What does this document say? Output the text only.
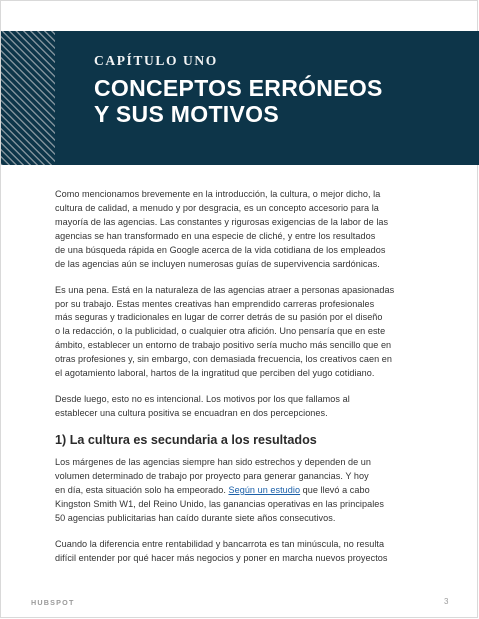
CAPÍTULO UNO
CONCEPTOS ERRÓNEOS
Y SUS MOTIVOS
Como mencionamos brevemente en la introducción, la cultura, o mejor dicho, la
cultura de calidad, a menudo y por desgracia, es un concepto accesorio para la
mayoría de las agencias. Las constantes y rigurosas exigencias de la labor de las
agencias se han transformado en una especie de cliché, y entre los resultados
de una búsqueda rápida en Google acerca de la vida cotidiana de los empleados
de las agencias aún se incluyen numerosas guías de supervivencia sardónicas.
Es una pena. Está en la naturaleza de las agencias atraer a personas apasionadas
por su trabajo. Estas mentes creativas han emprendido carreras profesionales
más seguras y tradicionales en lugar de correr detrás de su pasión por el diseño
o la redacción, o la publicidad, o cualquier otra afición. Uno pensaría que en este
ámbito, establecer un entorno de trabajo positivo sería mucho más sencillo que en
otras profesiones y, sin embargo, con demasiada frecuencia, los creativos caen en
el agotamiento laboral, hartos de la ingratitud que perciben del yugo cotidiano.
Desde luego, esto no es intencional. Los motivos por los que fallamos al
establecer una cultura positiva se encuadran en dos percepciones.
1) La cultura es secundaria a los resultados
Los márgenes de las agencias siempre han sido estrechos y dependen de un
volumen determinado de trabajo por proyecto para generar ganancias. Y hoy
en día, esta situación solo ha empeorado. Según un estudio que llevó a cabo
Kingston Smith W1, del Reino Unido, las ganancias operativas en las principales
50 agencias publicitarias han caído durante siete años consecutivos.
Cuando la diferencia entre rentabilidad y bancarrota es tan minúscula, no resulta
difícil entender por qué hacer más negocios y poner en marcha nuevos proyectos
HUBSPOT	3
